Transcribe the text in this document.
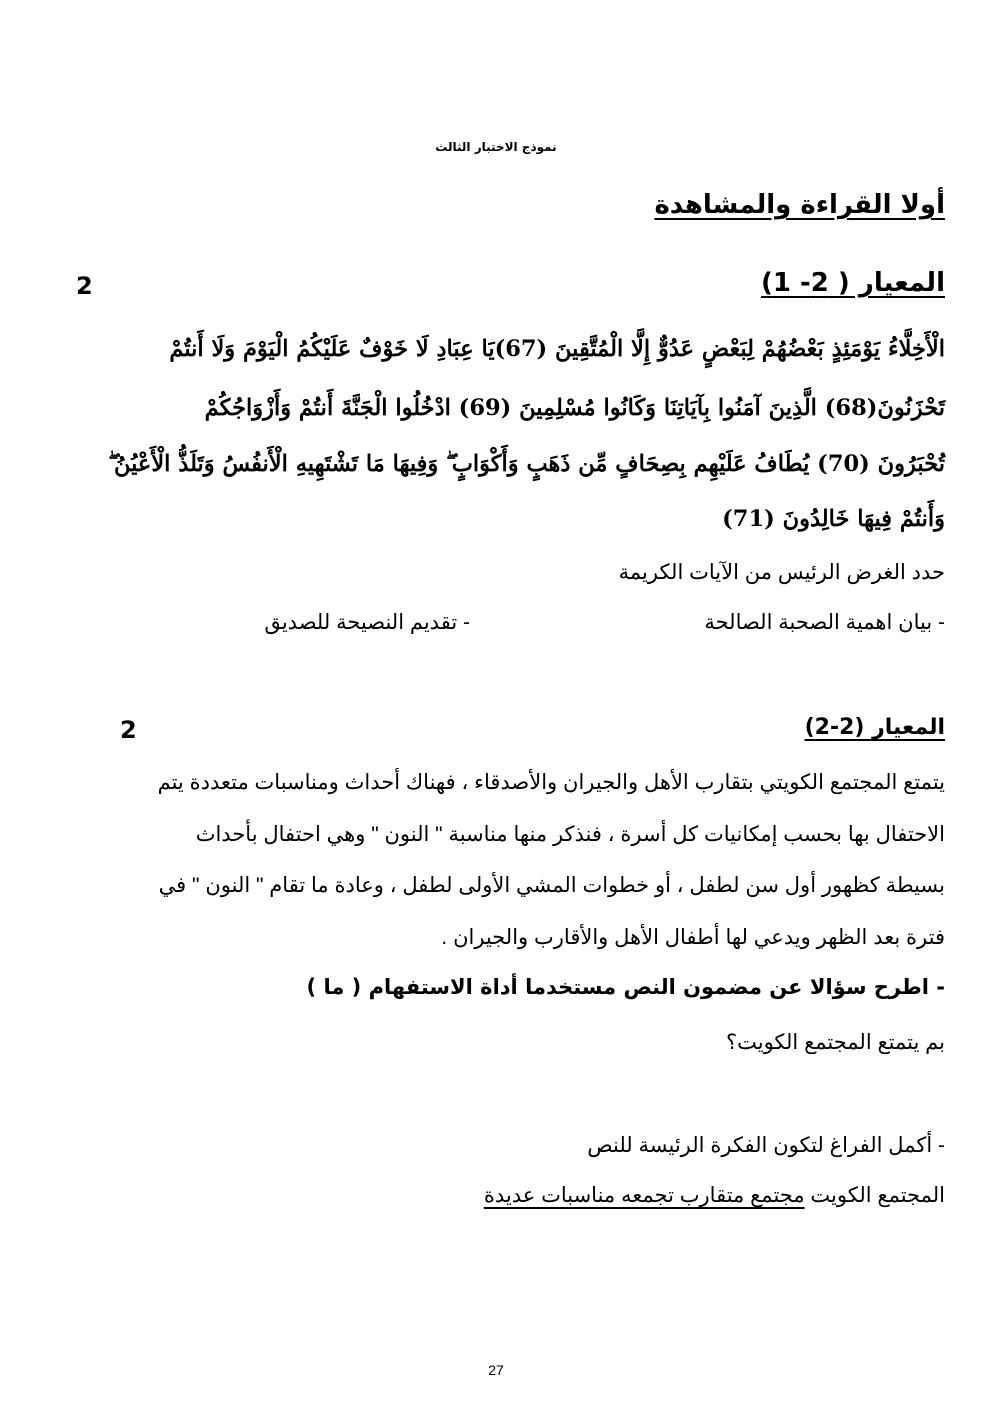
نموذج الاختبار الثالث
أولا القراءة والمشاهدة
المعيار ( 2- 1)
2
الْأَخِلَّاءُ يَوْمَئِذٍ بَعْضُهُمْ لِبَعْضٍ عَدُوٌّ إِلَّا الْمُتَّقِينَ (67)يَا عِبَادِ لَا خَوْفٌ عَلَيْكُمُ الْيَوْمَ وَلَا أَنتُمْ
تَحْزَنُونَ(68) الَّذِينَ آمَنُوا بِآيَاتِنَا وَكَانُوا مُسْلِمِينَ (69) ادْخُلُوا الْجَنَّةَ أَنتُمْ وَأَزْوَاجُكُمْ
تُحْبَرُونَ (70) يُطَافُ عَلَيْهِم بِصِحَافٍ مِّن ذَهَبٍ وَأَكْوَابٍ ۖ وَفِيهَا مَا تَشْتَهِيهِ الْأَنفُسُ وَتَلَذُّ الْأَعْيُنُ ۖ
وَأَنتُمْ فِيهَا خَالِدُونَ (71)
حدد الغرض الرئيس من الآيات الكريمة
- بيان اهمية الصحبة الصالحة
- تقديم النصيحة للصديق
المعيار (2-2)
2
يتمتع المجتمع الكويتي بتقارب الأهل والجيران والأصدقاء ، فهناك أحداث ومناسبات متعددة يتم
الاحتفال بها بحسب إمكانيات كل أسرة ، فنذكر منها مناسبة " النون " وهي احتفال بأحداث
بسيطة كظهور أول سن لطفل ، أو خطوات المشي الأولى لطفل ، وعادة ما تقام " النون " في
فترة بعد الظهر ويدعي لها أطفال الأهل والأقارب والجيران .
- اطرح سؤالا عن مضمون النص مستخدما أداة الاستفهام ( ما )
بم يتمتع المجتمع الكويت؟
- أكمل الفراغ لتكون الفكرة الرئيسة للنص
المجتمع الكويت مجتمع متقارب تجمعه مناسبات عديدة
27
